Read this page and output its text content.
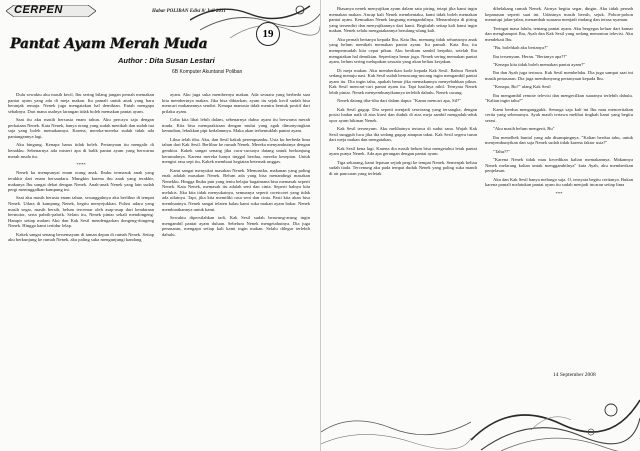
CERPEN	Habar POLIBAN Edisi 8/ Juli 2011
19
Pantat Ayam Merah Muda
Author : Dita Susan Lestari
6B Komputer Akuntansi Poliban

Dulu sewaktu aku masih kecil, Ibu sering bilang jangan pernah memakan pantat ayam yang ada di meja makan. Itu pamali untuk anak yang baru beranjak remaja. Nenek juga mengatakan hal demikian. Entah mengapa sebabnya. Dari mana asalnya larangan tidak boleh memakan pantat ayam.

Saat itu aku masih bersusia enam tahun. Aku percaya saja dengan perkataan Nenek. Kata Nenek, hanya orang yang sudah menikah dan sudah tua saja yang boleh memakannya. Karena, mereka-mereka sudah tidak ada pantangannya lagi.

Aku bingung. Kenapa harus tidak boleh. Pertanyaan itu mengalir di benakku. Sebenarnya ada misteri apa di balik pantat ayam yang berwarna merah muda itu.

****

Nenek ku mempunyai enam orang anak. Ibuku termasuk anak yang terakhir dari enam bersaudara. Mungkin karena ibu anak yang terakhir, makanya Ibu sangat dekat dengan Nenek. Anak-anak Nenek yang lain sudah pergi meninggalkan kampung ini.

Saat aku masih berusia enam tahun, sesungguhnya aku berlibur di tempat Nenek. Udara di kampung Nenek, begitu menyejukkan. Polusi udara yang masih segar, masih bersih, belum tercemar oleh asap-asap dari kendaraan bermotor, serta pabrik-pabrik. Selain itu, Nenek pintar sekali mendongeng. Hampir setiap malam Aku dan Kak Sesil mendengarkan dongeng-dongeng Nenek. Hingga kami tertidur lelap.

Kakek sangat senang bersemayam di taman depan di rumah Nenek. Setiap aku berkunjung ke rumah Nenek, aku paling suka mengunjungi kandang

ayam. Aku juga suka membernya makan. Ada sesuatu yang berbeda saat kita memberinya makan. Jika bisa dibiarkan, ayam itu sejak kecil sudah bisa mencari makanannya sendiri. Kenapa manusia tidak meniru bentuk positif dari prilaku ayam.

Coba kita lihat lebih dalam, sebenarnya dubur ayam itu berwarna merah muda. Kita bisa memprakiraan dengan mulut yang agak dimonyongkan kemudian, lekukkan pipi kedalamnya. Maka akan terbentuklah pantat ayam.

Libur telah tiba. Aku, dan Sesil kakak perempuanku. Usia ku berbeda lima tahun dari Kak Sesil. Berlibur ke rumah Nenek. Mereka menyambutnya dengan gembira. Kakek sangat senang jika cucu-cucunya datang untuk berkunjung kerumahnya. Karena mereka hanya tinggal berdua, mereka kesepian. Untuk mengisi rasa sepi itu, Kakek membuat kegiatan beternak unggas.

Kami sangat menyukai masakan Nenek. Menurutku, makanan yang paling enak adalah masakan Nenek. Belum ada yang bisa menandingi masakan Nenekku. Hingga Ibuku pun yang tentu belajar bagaimana bisa memasak seperti Nenek. Kata Nenek, memasak itu adalah seni dan cinta. Seperti halnya kita melukis. Jika kita tidak menyukainya, semuanya seperti coretcoret yang tidak ada nilainya. Tapi, jika kita memiliki rasa seni dan cinta. Pasti kita akan bisa membuatnya. Nenek sangat telaten kalau kami suka makan ayam bakar. Nenek membuatkannya untuk kami.

Sewaktu dipersilahkan tadi, Kak Sesil sudah berurung-arung ingin mengambil pantat ayam duluan. Sebelum Nenek mengetahuinya. Dia juga penasaran, mengapa setiap kali kami ingin makan. Selalu dilegur terlebih dahulu.

Biasanya nenek menyajikan ayam dalam satu piring, tetapi jika kami ingin memakan makan. Ancap kali Nenek membentaku, kami tidak boleh memakan pantat ayam. Kemudian Nenek langsung menganbilnya. Menaruhnya di piring yang tersendiri dan menyajikannya dari kami. Begitulah setiap kali kami ingin makan. Nenek selalu mengatakannya berulang-ulang kali.

Aku pernah bertanya kepada Ibu. Kata Ibu, memang tidak seharusnya anak yang belum menikah memakan pantat ayam. Itu pamali. Kata Ibu, itu mempermudah kita cepat pikun. Aku berdiam sambil berpikir, setelah Ibu mengatakan hal demikian. Sepertinya benar juga. Nenek sering memakan pantat ayam, belum sering melupakan sesuatu yang akan beliau kerjakan.

Di meja makan. Aku memberikan kode kepada Kak Sesil. Bahwa Nenek sedang menuju nasi. Kak Sesil sudah beruncang-uncang ingin mengambil pantat ayam itu. Dia ingin tahu, apakah benar jika memakannya menyebabkan pikun. Kak Sesil mencari-cari pantat ayam itu. Tapi hasilnya nihil. Ternyata Nenek lebih pintar. Nenek menyembunyikannya terlebih dahulu. Nenek curang.

Nenek datang tiba-tiba dari dalam dapur. "Kamu mencari apa, Sil?"

Kak Sesil gugup. Dia seperti menjadi seseorang yang tersangka, dengan posisi badan naik di atas kursi dan duduk di atas meja sambil mengaduk-aduk opor ayam bikinan Nenek.

Kak Sesil tersenyum. Aku melihatnya tertawa di sudut sana. Wajah Kak Sesil sungguh lucu jika dia sedang gugup ataupun takut. Kak Sesil segera turun dari meja makan dan mengatakan,

Kak Sesil kena lagi. Karena dia masih belum bisa mengetahui letak pantat ayam punya Nenek. Ada apa gerangan dengan pantat ayam.

Tiga sekarang, kami lepasan sejiah pergi ke tempat Nenek. Semenjak beliau sudah tiada. Tercenung aku pada tempat duduk Nenek yang paling suka mandi di air pancuran yang terletak

dibelakang rumah Nenek. Airnya begitu segar, dingin. Aku tidak pernah kepanasan seperti saat ini. Udaranya masih bersih, sejuk. Pohon-pohon menutupi jalan-jalan, menambah suasana menjadi rindang dan terasa nyaman.

Teringat masa lalulu, tentang pantat ayam. Aku bergegas keluar dari kamar dan menghampiri Ibu, Ayah dan Kak Sesil yang sedang menonton televisi. Aku mendekati Ibu.

"Bu, bolehkah aku bertanya?"

Ibu tersenyum. Heran. "Bertanya apa??"

"Kenapa kita tidak boleh memakan pantat ayam?"

Ibu dan Ayah juga tertawa. Kak Sesil membelaku. Dia juga sampai saat ini masih penasaran. Dia juga membonyong pertanyaan kepada Ibu.

"Kenapa, Bu?" ulang Kak Sesil

Ibu mengambil remote televisi dan mengecilkan suaranya terlebih dahulu. "Kalian ingin tahu?"

Kami berdua menganggukk. Semoga saja kali ini Ibu mau menceritakan cerita yang sebenarnya. Ayah masih tertawa melihat tingkah kami yang begitu serasi.

"Aku masih belum mengerti, Bu"

Ibu menelhek buntal yang ada disampingnya. "Kalian berdua tahu, untuk menyembunyikan dan saja Nenek sudah tidak karena faktor usia?"

"Tahu??"

"Karena Nenek tidak mau kecedikan kalian memakannya. Makannya Nenek melarang kalian untuk menggambilnya" kata Ayah, aku memberikan penjelasan.

Aku dan Kak Sesil hanya melongo saja. O, ternyata begitu ceritanya. Bukan karena pamali melainkan pantat ayam itu sudah menjadi incaran setiap lima

***

14 September 2008
